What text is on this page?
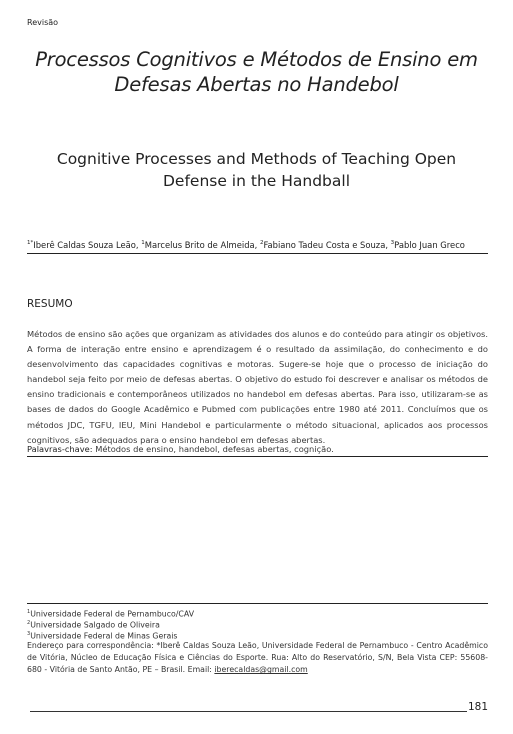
Revisão
Processos Cognitivos e Métodos de Ensino em
Defesas Abertas no Handebol
Cognitive Processes and Methods of Teaching Open
Defense in the Handball
$^{1*}$Iberê Caldas Souza Leão, $^1$Marcelus Brito de Almeida, $^2$Fabiano Tadeu Costa e Souza, $^3$Pablo Juan Greco
RESUMO
Métodos de ensino são ações que organizam as atividades dos alunos e do conteúdo para atingir os objetivos. A forma de interação entre ensino e aprendizagem é o resultado da assimilação, do conhecimento e do desenvolvimento das capacidades cognitivas e motoras. Sugere-se hoje que o processo de iniciação do handebol seja feito por meio de defesas abertas. O objetivo do estudo foi descrever e analisar os métodos de ensino tradicionais e contemporâneos utilizados no handebol em defesas abertas. Para isso, utilizaram-se as bases de dados do Google Acadêmico e Pubmed com publicações entre 1980 até 2011. Concluímos que os métodos JDC, TGFU, IEU, Mini Handebol e particularmente o método situacional, aplicados aos processos cognitivos, são adequados para o ensino handebol em defesas abertas.
Palavras-chave: Métodos de ensino, handebol, defesas abertas, cognição.
$^1$Universidade Federal de Pernambuco/CAV
$^2$Universidade Salgado de Oliveira
$^3$Universidade Federal de Minas Gerais
Endereço para correspondência: *Iberê Caldas Souza Leão, Universidade Federal de Pernambuco - Centro Acadêmico de Vitória, Núcleo de Educação Física e Ciências do Esporte. Rua: Alto do Reservatório, S/N, Bela Vista CEP: 55608-680 - Vitória de Santo Antão, PE – Brasil. Email: iberecaldas@gmail.com
181
